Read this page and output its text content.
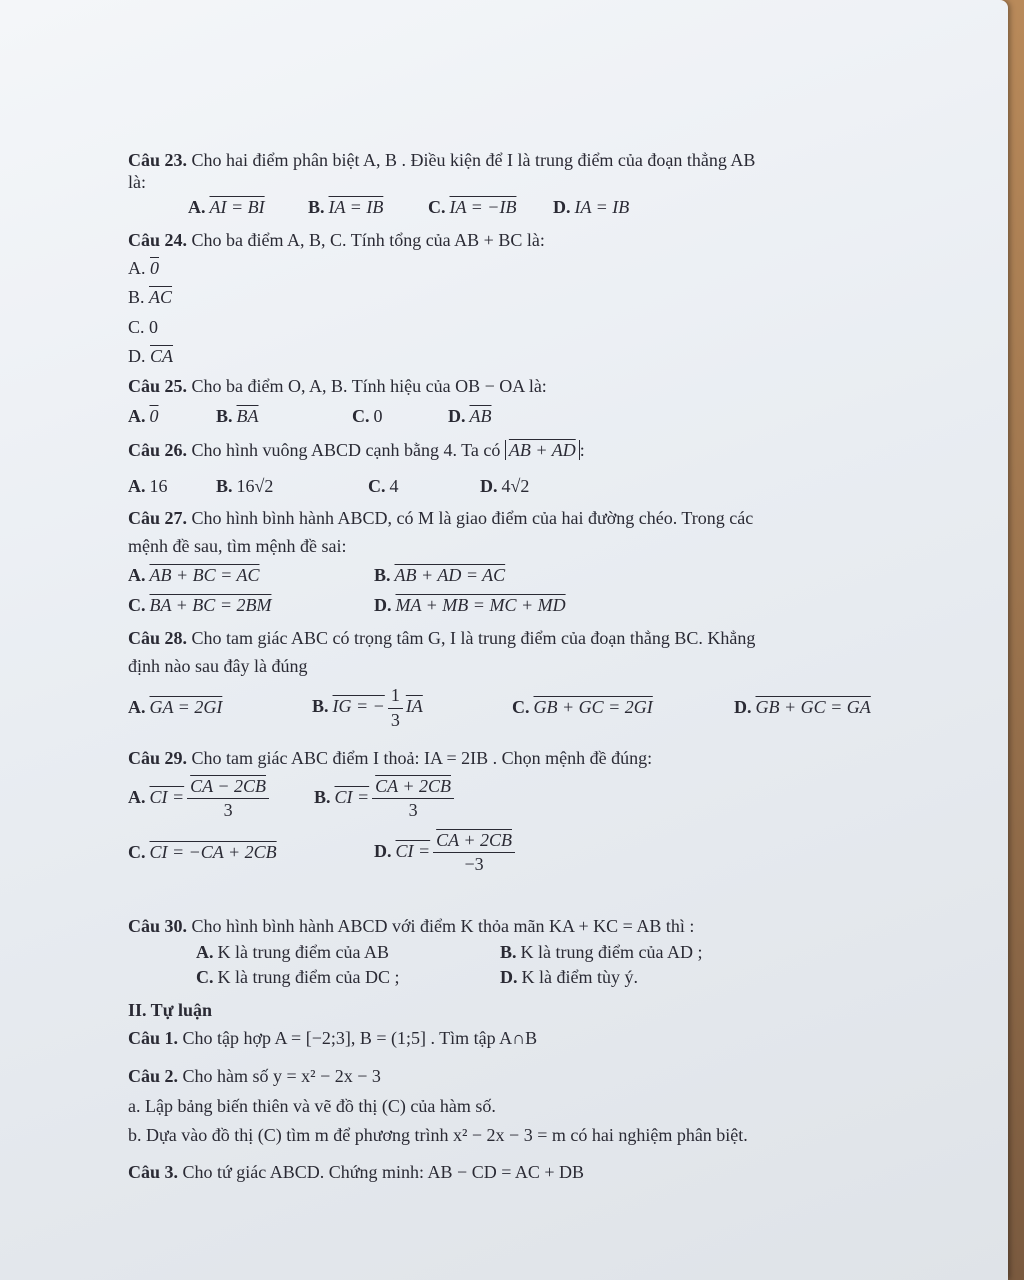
Câu 23. Cho hai điểm phân biệt A, B . Điều kiện để I là trung điểm của đoạn thẳng AB
là:
A. AI = BI	B. IA = IB	C. IA = −IB	D. IA = IB
Câu 24. Cho ba điểm A, B, C. Tính tổng của AB + BC là:
A. 0
B. $\overline{AC}$
C. 0
D. $\overline{CA}$
Câu 25. Cho ba điểm O, A, B. Tính hiệu của OB − OA là:
A. 0	B. $\overline{BA}$	C. 0	D. $\overline{AB}$
Câu 26. Cho hình vuông ABCD cạnh bằng 4. Ta có AB + AD :
A. 16	B. 16√2	C. 4	D. 4√2
Câu 27. Cho hình bình hành ABCD, có M là giao điểm của hai đường chéo. Trong các
mệnh đề sau, tìm mệnh đề sai:
A. AB + BC = AC	B. AB + AD = AC
C. BA + BC = 2BM	D. MA + MB = MC + MD
Câu 28. Cho tam giác ABC có trọng tâm G, I là trung điểm của đoạn thẳng BC. Khẳng
định nào sau đây là đúng
A. GA = 2GI	B. IG = − $\frac{1}{3} \overline{IA}$	C. GB + GC = 2GI	D. GB + GC = GA
Câu 29. Cho tam giác ABC điểm I thoả: IA = 2IB . Chọn mệnh đề đúng:
A. CI = $\frac{CA - 2CB}{3}$	B. CI = $\frac{CA + 2CB}{3}$
C. CI = −CA + 2CB	D. CI = $\frac{CA + 2CB}{-3}$
Câu 30. Cho hình bình hành ABCD với điểm K thỏa mãn KA + KC = AB thì :
A. K là trung điểm của AB	B. K là trung điểm của AD ;
C. K là trung điểm của DC ;	D. K là điểm tùy ý.
II. Tự luận
Câu 1. Cho tập hợp A = [−2;3], B = (1;5] . Tìm tập A∩B
Câu 2. Cho hàm số y = x² − 2x − 3
a. Lập bảng biến thiên và vẽ đồ thị (C) của hàm số.
b. Dựa vào đồ thị (C) tìm m để phương trình x² − 2x − 3 = m có hai nghiệm phân biệt.
Câu 3. Cho tứ giác ABCD. Chứng minh: AB − CD = AC + DB
